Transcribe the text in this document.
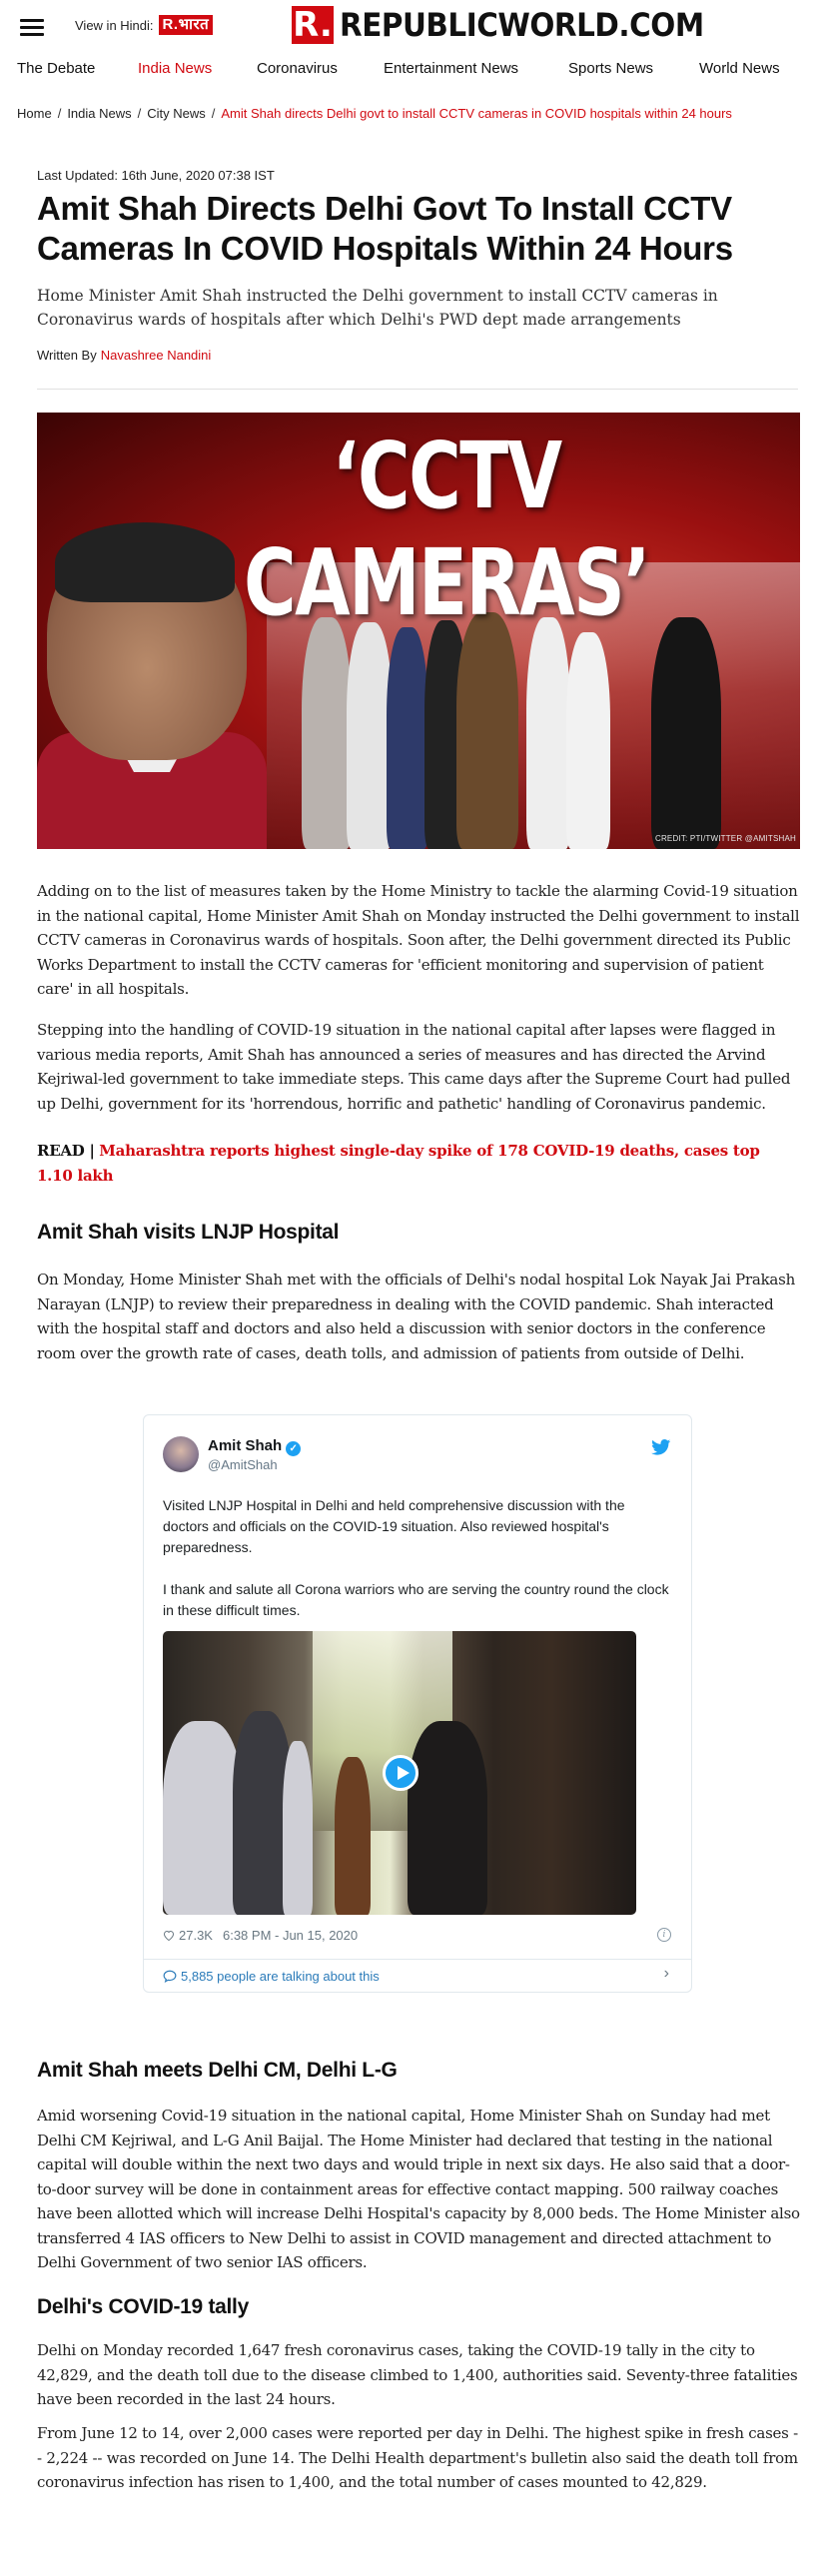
View in Hindi: R.भारत R. REPUBLICWORLD.COM
The Debate	India News	Coronavirus	Entertainment News	Sports News	World News
Home / India News / City News / Amit Shah directs Delhi govt to install CCTV cameras in COVID hospitals within 24 hours
Last Updated: 16th June, 2020 07:38 IST
Amit Shah Directs Delhi Govt To Install CCTV Cameras In COVID Hospitals Within 24 Hours
Home Minister Amit Shah instructed the Delhi government to install CCTV cameras in Coronavirus wards of hospitals after which Delhi's PWD dept made arrangements
Written By Navashree Nandini
‘CCTV CAMERAS’
CREDIT: PTI/TWITTER @AMITSHAH

Adding on to the list of measures taken by the Home Ministry to tackle the alarming Covid-19 situation in the national capital, Home Minister Amit Shah on Monday instructed the Delhi government to install CCTV cameras in Coronavirus wards of hospitals. Soon after, the Delhi government directed its Public Works Department to install the CCTV cameras for 'efficient monitoring and supervision of patient care' in all hospitals.

Stepping into the handling of COVID-19 situation in the national capital after lapses were flagged in various media reports, Amit Shah has announced a series of measures and has directed the Arvind Kejriwal-led government to take immediate steps. This came days after the Supreme Court had pulled up Delhi, government for its 'horrendous, horrific and pathetic' handling of Coronavirus pandemic.

READ | Maharashtra reports highest single-day spike of 178 COVID-19 deaths, cases top 1.10 lakh

Amit Shah visits LNJP Hospital

On Monday, Home Minister Shah met with the officials of Delhi's nodal hospital Lok Nayak Jai Prakash Narayan (LNJP) to review their preparedness in dealing with the COVID pandemic. Shah interacted with the hospital staff and doctors and also held a discussion with senior doctors in the conference room over the growth rate of cases, death tolls, and admission of patients from outside of Delhi.

Amit Shah ✓
@AmitShah

Visited LNJP Hospital in Delhi and held comprehensive discussion with the doctors and officials on the COVID-19 situation. Also reviewed hospital's preparedness.

I thank and salute all Corona warriors who are serving the country round the clock in these difficult times.

27.3K 6:38 PM - Jun 15, 2020	i
5,885 people are talking about this	›
Amit Shah meets Delhi CM, Delhi L-G

Amid worsening Covid-19 situation in the national capital, Home Minister Shah on Sunday had met Delhi CM Kejriwal, and L-G Anil Baijal. The Home Minister had declared that testing in the national capital will double within the next two days and would triple in next six days. He also said that a door-to-door survey will be done in containment areas for effective contact mapping. 500 railway coaches have been allotted which will increase Delhi Hospital's capacity by 8,000 beds. The Home Minister also transferred 4 IAS officers to New Delhi to assist in COVID management and directed attachment to Delhi Government of two senior IAS officers.

Delhi's COVID-19 tally

Delhi on Monday recorded 1,647 fresh coronavirus cases, taking the COVID-19 tally in the city to 42,829, and the death toll due to the disease climbed to 1,400, authorities said. Seventy-three fatalities have been recorded in the last 24 hours.

From June 12 to 14, over 2,000 cases were reported per day in Delhi. The highest spike in fresh cases -- 2,224 -- was recorded on June 14. The Delhi Health department's bulletin also said the death toll from coronavirus infection has risen to 1,400, and the total number of cases mounted to 42,829.
